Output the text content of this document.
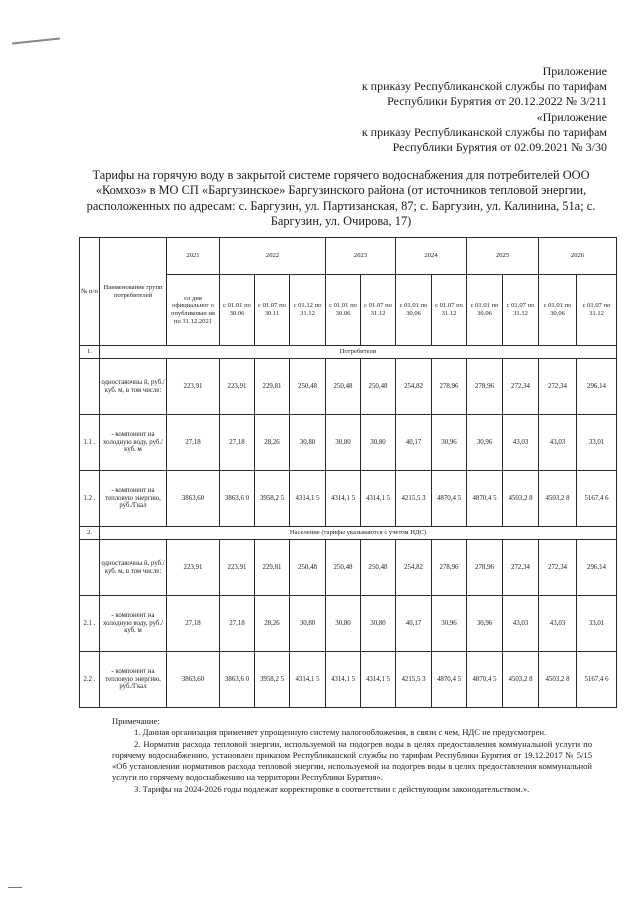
Приложение
к приказу Республиканской службы по тарифам
Республики Бурятия от 20.12.2022 № 3/211
«Приложение
к приказу Республиканской службы по тарифам
Республики Бурятия от 02.09.2021 № 3/30
Тарифы на горячую воду в закрытой системе горячего водоснабжения для потребителей ООО «Комхоз» в МО СП «Баргузинское» Баргузинского района (от источников тепловой энергии, расположенных по адресам: с. Баргузин, ул. Партизанская, 87; с. Баргузин, ул. Калинина, 51а; с. Баргузин, ул. Очирова, 17)
№ п/п	Наименование групп потребителей	2021	2022			2023		2024		2025		2026	
		со дня официальног о опубликован ия по 31.12.2021	с 01.01 по 30.06	с 01.07 по 30.11	с 01.12 по 31.12	с 01.01 по 30.06	с 01.07 по 31.12	с 01.01 по 30.06	с 01.07 по 31.12	с 01.01 по 30.06	с 01.07 по 31.12	с 01.01 по 30.06	с 01.07 по 31.12
1.	Потребители												
	одноставочны й, руб./ куб. м, в том числе:	223,91	223,91	229,81	250,48	250,48	250,48	254,82	278,96	278,96	272,34	272,34	296,14
1.1 .	- компонент на холодную воду, руб./ куб. м	27,18	27,18	28,26	30,80	30,80	30,80	40,17	30,96	30,96	43,03	43,03	33,01
1.2 .	- компонент на тепловую энергию, руб./Гкал	3863,60	3863,6 0	3958,2 5	4314,1 5	4314,1 5	4314,1 5	4215,5 3	4870,4 5	4870,4 5	4503,2 8	4503,2 8	5167,4 6
2.	Население (тарифы указываются с учетом НДС)												
	одноставочны й, руб./ куб. м, в том числе:	223,91	223,91	229,81	250,48	250,48	250,48	254,82	278,96	278,96	272,34	272,34	296,14
2.1 .	- компонент на холодную воду, руб./ куб. м	27,18	27,18	28,26	30,80	30,80	30,80	40,17	30,96	30,96	43,03	43,03	33,01
2.2 .	- компонент на тепловую энергию, руб./Гкал	3863,60	3863,6 0	3958,2 5	4314,1 5	4314,1 5	4314,1 5	4215,5 3	4870,4 5	4870,4 5	4503,2 8	4503,2 8	5167,4 6

Примечание:

1. Данная организация применяет упрощенную систему налогообложения, в связи с чем, НДС не предусмотрен.

2. Норматив расхода тепловой энергии, используемой на подогрев воды в целях предоставления коммунальной услуги по горячему водоснабжению, установлен приказом Республиканской службы по тарифам Республики Бурятия от 19.12.2017 № 5/15 «Об установлении нормативов расхода тепловой энергии, используемой на подогрев воды в целях предоставления коммунальной услуги по горячему водоснабжению на территории Республики Бурятия».

3. Тарифы на 2024-2026 годы подлежат корректировке в соответствии с действующим законодательством.».
